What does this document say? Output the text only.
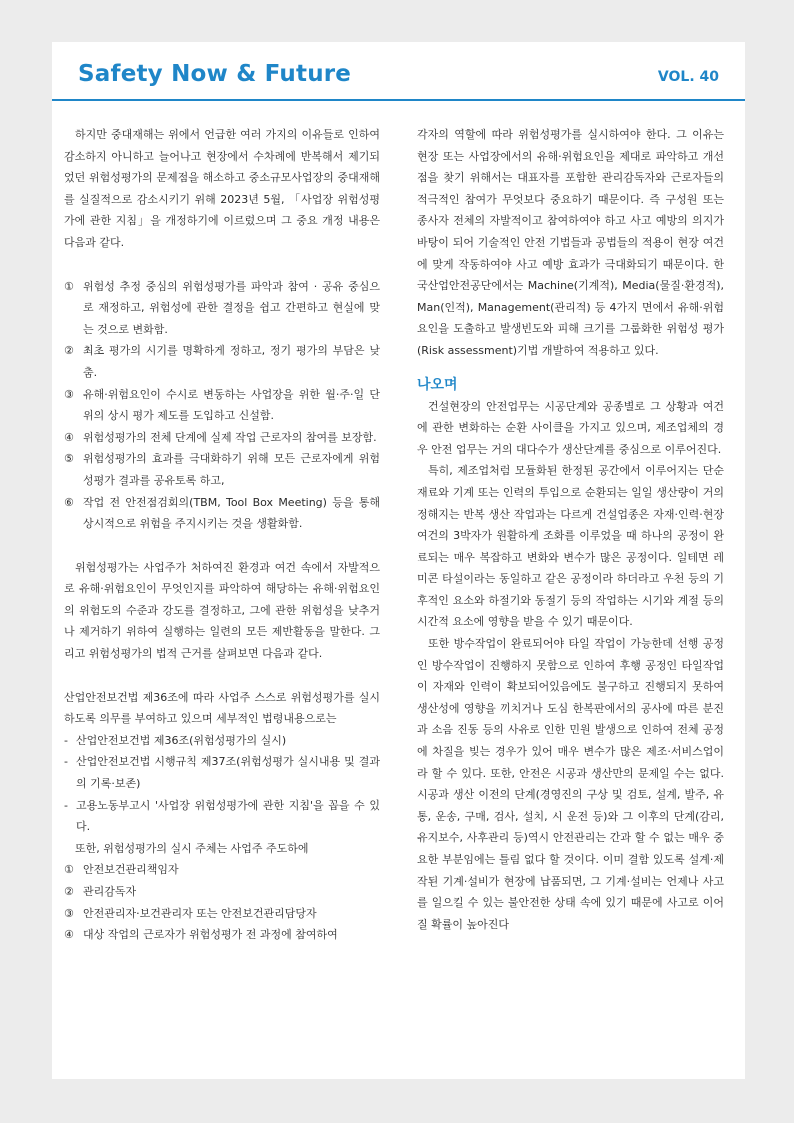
Safety Now & Future	VOL. 40

하지만 중대재해는 위에서 언급한 여러 가지의 이유들로 인하여 감소하지 아니하고 늘어나고 현장에서 수차례에 반복해서 제기되었던 위험성평가의 문제점을 해소하고 중소규모사업장의 중대재해를 실질적으로 감소시키기 위해 2023년 5월, 「사업장 위험성평가에 관한 지침」을 개정하기에 이르렀으며 그 중요 개정 내용은 다음과 같다.

① 위험성 추정 중심의 위험성평가를 파악과 참여 · 공유 중심으로 재정하고, 위험성에 관한 결정을 쉽고 간편하고 현실에 맞는 것으로 변화함.
② 최초 평가의 시기를 명확하게 정하고, 정기 평가의 부담은 낮춤.
③ 유해·위험요인이 수시로 변동하는 사업장을 위한 월·주·일 단위의 상시 평가 제도를 도입하고 신설함.
④ 위험성평가의 전체 단계에 실제 작업 근로자의 참여를 보장함.
⑤ 위험성평가의 효과를 극대화하기 위해 모든 근로자에게 위험성평가 결과를 공유토록 하고,
⑥ 작업 전 안전점검회의(TBM, Tool Box Meeting) 등을 통해 상시적으로 위험을 주지시키는 것을 생활화함.

위험성평가는 사업주가 처하여진 환경과 여건 속에서 자발적으로 유해·위험요인이 무엇인지를 파악하여 해당하는 유해·위험요인의 위험도의 수준과 강도를 결정하고, 그에 관한 위험성을 낮추거나 제거하기 위하여 실행하는 일련의 모든 제반활동을 말한다. 그리고 위험성평가의 법적 근거를 살펴보면 다음과 같다.

산업안전보건법 제36조에 따라 사업주 스스로 위험성평가를 실시하도록 의무를 부여하고 있으며 세부적인 법령내용으로는

- 산업안전보건법 제36조(위험성평가의 실시)
- 산업안전보건법 시행규칙 제37조(위험성평가 실시내용 및 결과의 기록·보존)
- 고용노동부고시 '사업장 위험성평가에 관한 지침'을 꼽을 수 있다.

또한, 위험성평가의 실시 주체는 사업주 주도하에

① 안전보건관리책임자
② 관리감독자
③ 안전관리자·보건관리자 또는 안전보건관리담당자
④ 대상 작업의 근로자가 위험성평가 전 과정에 참여하여

각자의 역할에 따라 위험성평가를 실시하여야 한다. 그 이유는 현장 또는 사업장에서의 유해·위험요인을 제대로 파악하고 개선점을 찾기 위해서는 대표자를 포함한 관리감독자와 근로자들의 적극적인 참여가 무엇보다 중요하기 때문이다. 즉 구성원 또는 종사자 전체의 자발적이고 참여하여야 하고 사고 예방의 의지가 바탕이 되어 기술적인 안전 기법들과 공법들의 적용이 현장 여건에 맞게 작동하여야 사고 예방 효과가 극대화되기 때문이다. 한국산업안전공단에서는 Machine(기계적), Media(물질·환경적), Man(인적), Management(관리적) 등 4가지 면에서 유해·위험요인을 도출하고 발생빈도와 피해 크기를 그룹화한 위험성 평가(Risk assessment)기법 개발하여 적용하고 있다.

나오며

건설현장의 안전업무는 시공단계와 공종별로 그 상황과 여건에 관한 변화하는 순환 사이클을 가지고 있으며, 제조업체의 경우 안전 업무는 거의 대다수가 생산단계를 중심으로 이루어진다.

특히, 제조업처럼 모듈화된 한정된 공간에서 이루어지는 단순 재료와 기계 또는 인력의 투입으로 순환되는 일일 생산량이 거의 정해지는 반복 생산 작업과는 다르게 건설업종은 자재·인력·현장여건의 3박자가 원활하게 조화를 이루었을 때 하나의 공정이 완료되는 매우 복잡하고 변화와 변수가 많은 공정이다. 일테면 레미콘 타설이라는 동일하고 같은 공정이라 하더라고 우천 등의 기후적인 요소와 하절기와 동절기 등의 작업하는 시기와 계절 등의 시간적 요소에 영향을 받을 수 있기 때문이다.

또한 방수작업이 완료되어야 타일 작업이 가능한데 선행 공정인 방수작업이 진행하지 못함으로 인하여 후행 공정인 타일작업이 자재와 인력이 확보되어있음에도 불구하고 진행되지 못하여 생산성에 영향을 끼치거나 도심 한복판에서의 공사에 따른 분진과 소음 진동 등의 사유로 인한 민원 발생으로 인하여 전체 공정에 차질을 빚는 경우가 있어 매우 변수가 많은 제조·서비스업이라 할 수 있다. 또한, 안전은 시공과 생산만의 문제일 수는 없다. 시공과 생산 이전의 단계(경영진의 구상 및 검토, 설계, 발주, 유통, 운송, 구매, 검사, 설치, 시 운전 등)와 그 이후의 단계(감리, 유지보수, 사후관리 등)역시 안전관리는 간과 할 수 없는 매우 중요한 부분임에는 틀림 없다 할 것이다. 이미 결함 있도록 설계·제작된 기계·설비가 현장에 납품되면, 그 기계·설비는 언제나 사고를 일으킬 수 있는 불안전한 상태 속에 있기 때문에 사고로 이어질 확률이 높아진다
